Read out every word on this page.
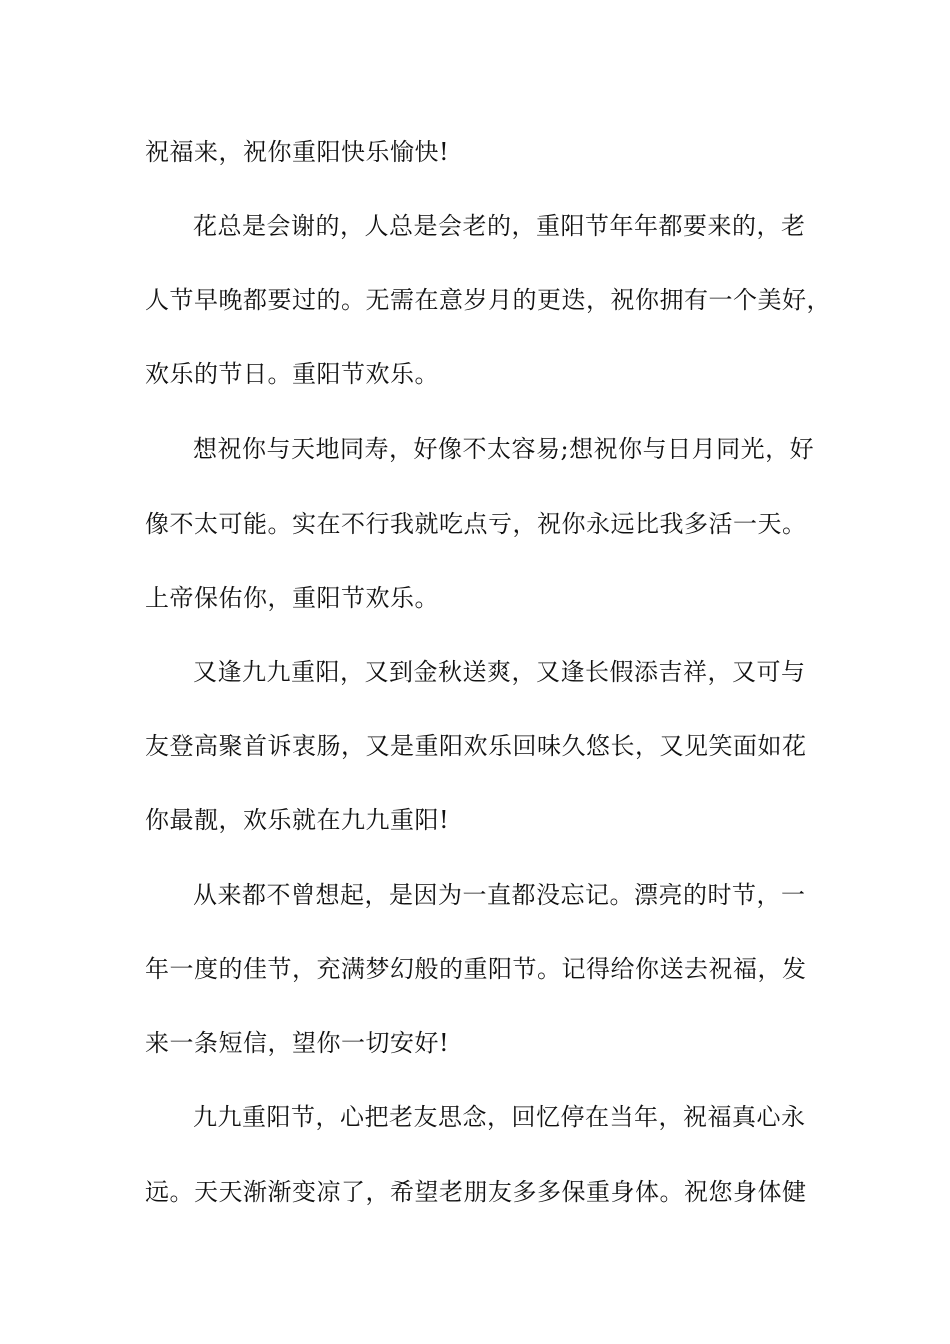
祝福来，祝你重阳快乐愉快!
花总是会谢的，人总是会老的，重阳节年年都要来的，老
人节早晚都要过的。无需在意岁月的更迭，祝你拥有一个美好，
欢乐的节日。重阳节欢乐。
想祝你与天地同寿，好像不太容易;想祝你与日月同光，好
像不太可能。实在不行我就吃点亏，祝你永远比我多活一天。
上帝保佑你，重阳节欢乐。
又逢九九重阳，又到金秋送爽，又逢长假添吉祥，又可与
友登高聚首诉衷肠，又是重阳欢乐回味久悠长，又见笑面如花
你最靓，欢乐就在九九重阳!
从来都不曾想起，是因为一直都没忘记。漂亮的时节，一
年一度的佳节，充满梦幻般的重阳节。记得给你送去祝福，发
来一条短信，望你一切安好!
九九重阳节，心把老友思念，回忆停在当年，祝福真心永
远。天天渐渐变凉了，希望老朋友多多保重身体。祝您身体健
